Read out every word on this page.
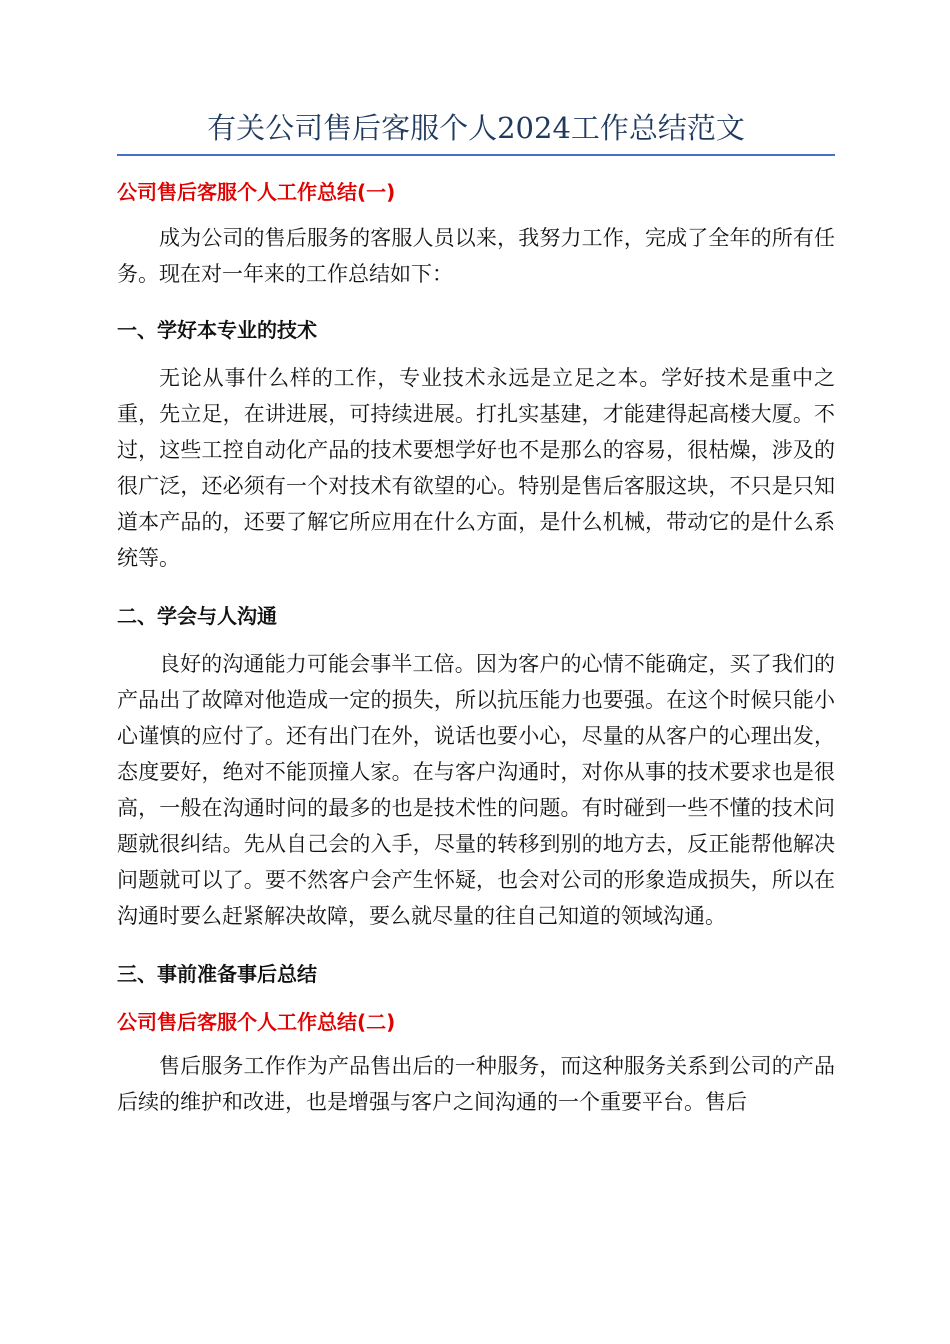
有关公司售后客服个人2024工作总结范文
公司售后客服个人工作总结(一)

成为公司的售后服务的客服人员以来，我努力工作，完成了全年的所有任务。现在对一年来的工作总结如下：

一、学好本专业的技术

无论从事什么样的工作，专业技术永远是立足之本。学好技术是重中之重，先立足，在讲进展，可持续进展。打扎实基建，才能建得起高楼大厦。不过，这些工控自动化产品的技术要想学好也不是那么的容易，很枯燥，涉及的很广泛，还必须有一个对技术有欲望的心。特别是售后客服这块，不只是只知道本产品的，还要了解它所应用在什么方面，是什么机械，带动它的是什么系统等。

二、学会与人沟通

良好的沟通能力可能会事半工倍。因为客户的心情不能确定，买了我们的产品出了故障对他造成一定的损失，所以抗压能力也要强。在这个时候只能小心谨慎的应付了。还有出门在外，说话也要小心，尽量的从客户的心理出发，态度要好，绝对不能顶撞人家。在与客户沟通时，对你从事的技术要求也是很高，一般在沟通时问的最多的也是技术性的问题。有时碰到一些不懂的技术问题就很纠结。先从自己会的入手，尽量的转移到别的地方去，反正能帮他解决问题就可以了。要不然客户会产生怀疑，也会对公司的形象造成损失，所以在沟通时要么赶紧解决故障，要么就尽量的往自己知道的领域沟通。

三、事前准备事后总结
公司售后客服个人工作总结(二)

售后服务工作作为产品售出后的一种服务，而这种服务关系到公司的产品后续的维护和改进，也是增强与客户之间沟通的一个重要平台。售后
